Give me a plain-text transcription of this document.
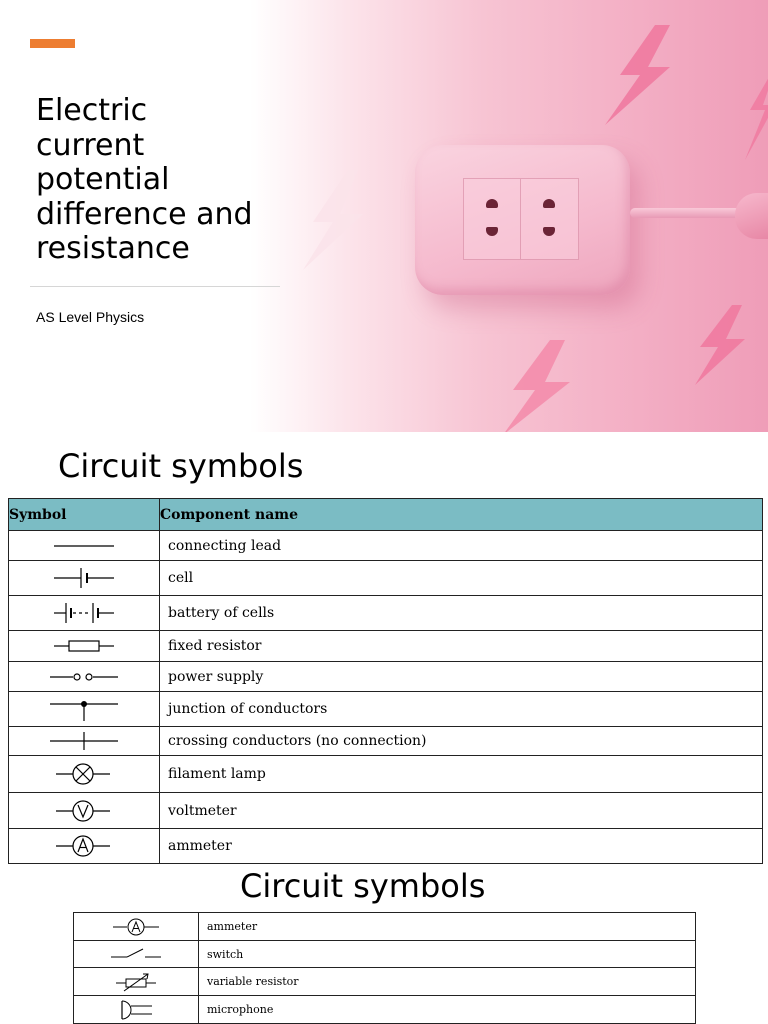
Electric
current
potential
difference and
resistance
AS Level Physics
Circuit symbols
Symbol	Component name

	connecting lead

	cell

	battery of cells

	fixed resistor

	power supply

	junction of conductors

	crossing conductors (no connection)

	filament lamp

	voltmeter

	ammeter
Circuit symbols
	ammeter

	switch

	variable resistor

	microphone
